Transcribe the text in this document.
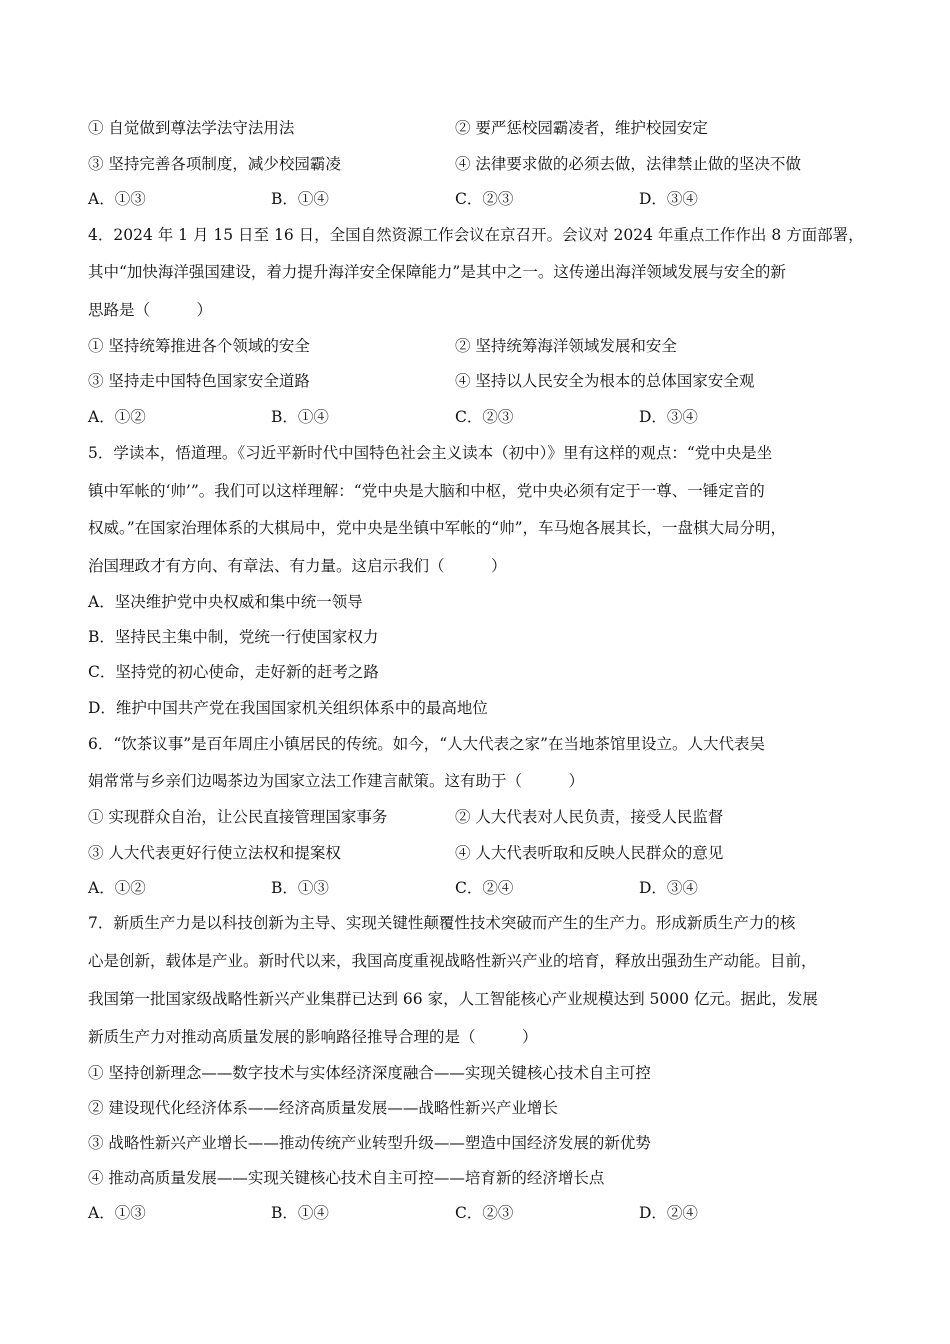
① 自觉做到尊法学法守法用法	② 要严惩校园霸凌者，维护校园安定
③ 坚持完善各项制度，减少校园霸凌	④ 法律要求做的必须去做，法律禁止做的坚决不做
A．①③	B．①④	C．②③	D．③④
4．2024 年 1 月 15 日至 16 日，全国自然资源工作会议在京召开。会议对 2024 年重点工作作出 8 方面部署，
其中“加快海洋强国建设，着力提升海洋安全保障能力”是其中之一。这传递出海洋领域发展与安全的新
思路是（　　　）
① 坚持统筹推进各个领域的安全	② 坚持统筹海洋领域发展和安全
③ 坚持走中国特色国家安全道路	④ 坚持以人民安全为根本的总体国家安全观
A．①②	B．①④	C．②③	D．③④
5．学读本，悟道理。《习近平新时代中国特色社会主义读本（初中）》里有这样的观点：“党中央是坐
镇中军帐的‘帅’”。我们可以这样理解：“党中央是大脑和中枢，党中央必须有定于一尊、一锤定音的
权威。”在国家治理体系的大棋局中，党中央是坐镇中军帐的“帅”，车马炮各展其长，一盘棋大局分明，
治国理政才有方向、有章法、有力量。这启示我们（　　　）
A．坚决维护党中央权威和集中统一领导
B．坚持民主集中制，党统一行使国家权力
C．坚持党的初心使命，走好新的赶考之路
D．维护中国共产党在我国国家机关组织体系中的最高地位
6．“饮茶议事”是百年周庄小镇居民的传统。如今，“人大代表之家”在当地茶馆里设立。人大代表吴
娟常常与乡亲们边喝茶边为国家立法工作建言献策。这有助于（　　　）
① 实现群众自治，让公民直接管理国家事务	② 人大代表对人民负责，接受人民监督
③ 人大代表更好行使立法权和提案权	④ 人大代表听取和反映人民群众的意见
A．①②	B．①③	C．②④	D．③④
7．新质生产力是以科技创新为主导、实现关键性颠覆性技术突破而产生的生产力。形成新质生产力的核
心是创新，载体是产业。新时代以来，我国高度重视战略性新兴产业的培育，释放出强劲生产动能。目前，
我国第一批国家级战略性新兴产业集群已达到 66 家，人工智能核心产业规模达到 5000 亿元。据此，发展
新质生产力对推动高质量发展的影响路径推导合理的是（　　　）
① 坚持创新理念——数字技术与实体经济深度融合——实现关键核心技术自主可控
② 建设现代化经济体系——经济高质量发展——战略性新兴产业增长
③ 战略性新兴产业增长——推动传统产业转型升级——塑造中国经济发展的新优势
④ 推动高质量发展——实现关键核心技术自主可控——培育新的经济增长点
A．①③	B．①④	C．②③	D．②④
